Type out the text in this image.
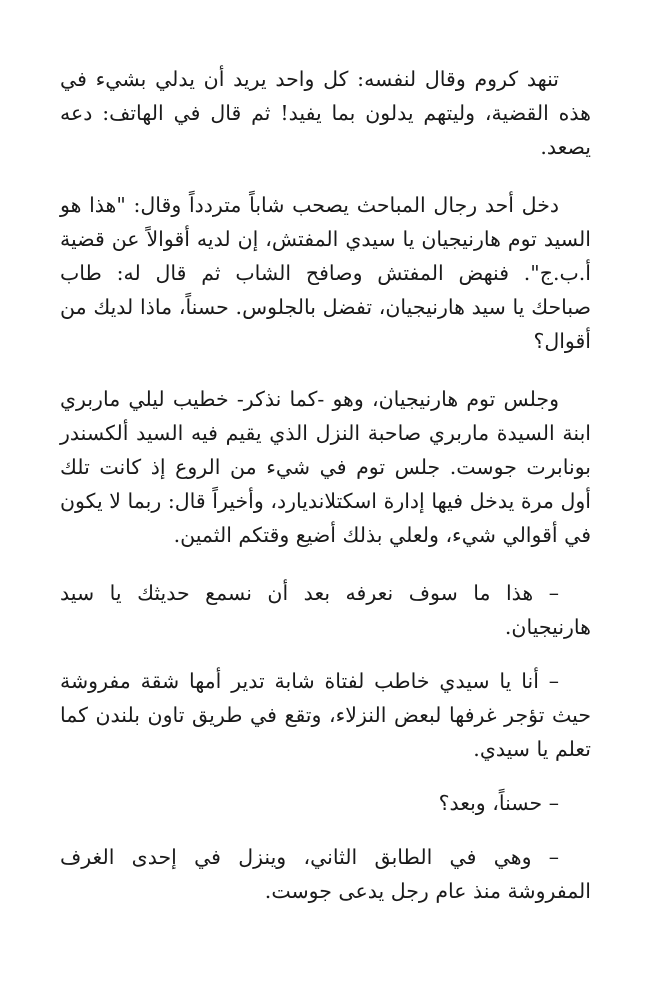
تنهد كروم وقال لنفسه: كل واحد يريد أن يدلي بشيء في هذه القضية، وليتهم يدلون بما يفيد! ثم قال في الهاتف: دعه يصعد.

دخل أحد رجال المباحث يصحب شاباً متردداً وقال: "هذا هو السيد توم هارنيجيان يا سيدي المفتش، إن لديه أقوالاً عن قضية أ.ب.ج". فنهض المفتش وصافح الشاب ثم قال له: طاب صباحك يا سيد هارنيجيان، تفضل بالجلوس. حسناً، ماذا لديك من أقوال؟

وجلس توم هارنيجيان، وهو -كما نذكر- خطيب ليلي ماربري ابنة السيدة ماربري صاحبة النزل الذي يقيم فيه السيد ألكسندر بونابرت جوست. جلس توم في شيء من الروع إذ كانت تلك أول مرة يدخل فيها إدارة اسكتلانديارد، وأخيراً قال: ربما لا يكون في أقوالي شيء، ولعلي بذلك أضيع وقتكم الثمين.

– هذا ما سوف نعرفه بعد أن نسمع حديثك يا سيد هارنيجيان.

– أنا يا سيدي خاطب لفتاة شابة تدير أمها شقة مفروشة حيث تؤجر غرفها لبعض النزلاء، وتقع في طريق تاون بلندن كما تعلم يا سيدي.

– حسناً، وبعد؟

– وهي في الطابق الثاني، وينزل في إحدى الغرف المفروشة منذ عام رجل يدعى جوست.
